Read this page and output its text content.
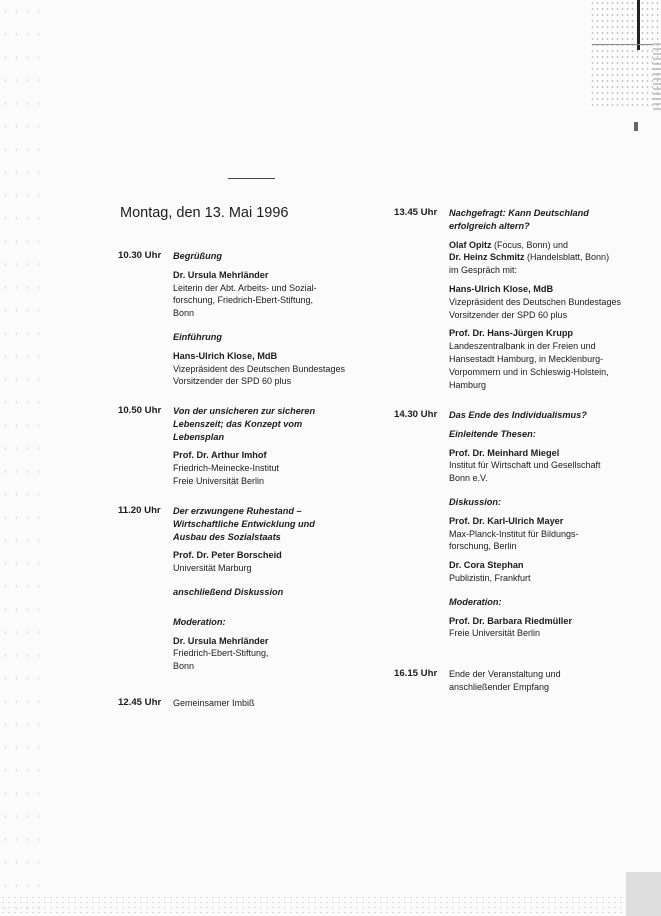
Montag, den 13. Mai 1996
10.30 Uhr	Begrüßung

Dr. Ursula Mehrländer

Leiterin der Abt. Arbeits- und Sozial-

forschung, Friedrich-Ebert-Stiftung,

Bonn

Einführung

Hans-Ulrich Klose, MdB

Vizepräsident des Deutschen Bundestages

Vorsitzender der SPD 60 plus

10.50 Uhr	Von der unsicheren zur sicheren

Lebenszeit; das Konzept vom

Lebensplan

Prof. Dr. Arthur Imhof

Friedrich-Meinecke-Institut

Freie Universität Berlin

11.20 Uhr	Der erzwungene Ruhestand –

Wirtschaftliche Entwicklung und

Ausbau des Sozialstaats

Prof. Dr. Peter Borscheid

Universität Marburg

anschließend Diskussion

Moderation:

Dr. Ursula Mehrländer

Friedrich-Ebert-Stiftung,

Bonn

12.45 Uhr	Gemeinsamer Imbiß

13.45 Uhr	Nachgefragt: Kann Deutschland

erfolgreich altern?

Olaf Opitz (Focus, Bonn) und

Dr. Heinz Schmitz (Handelsblatt, Bonn)

im Gespräch mit:

Hans-Ulrich Klose, MdB

Vizepräsident des Deutschen Bundestages

Vorsitzender der SPD 60 plus

Prof. Dr. Hans-Jürgen Krupp

Landeszentralbank in der Freien und

Hansestadt Hamburg, in Mecklenburg-

Vorpommern und in Schleswig-Holstein,

Hamburg

14.30 Uhr	Das Ende des Individualismus?

Einleitende Thesen:

Prof. Dr. Meinhard Miegel

Institut für Wirtschaft und Gesellschaft

Bonn e.V.

Diskussion:

Prof. Dr. Karl-Ulrich Mayer

Max-Planck-Institut für Bildungs-

forschung, Berlin

Dr. Cora Stephan

Publizistin, Frankfurt

Moderation:

Prof. Dr. Barbara Riedmüller

Freie Universität Berlin

16.15 Uhr	Ende der Veranstaltung und

anschließender Empfang
